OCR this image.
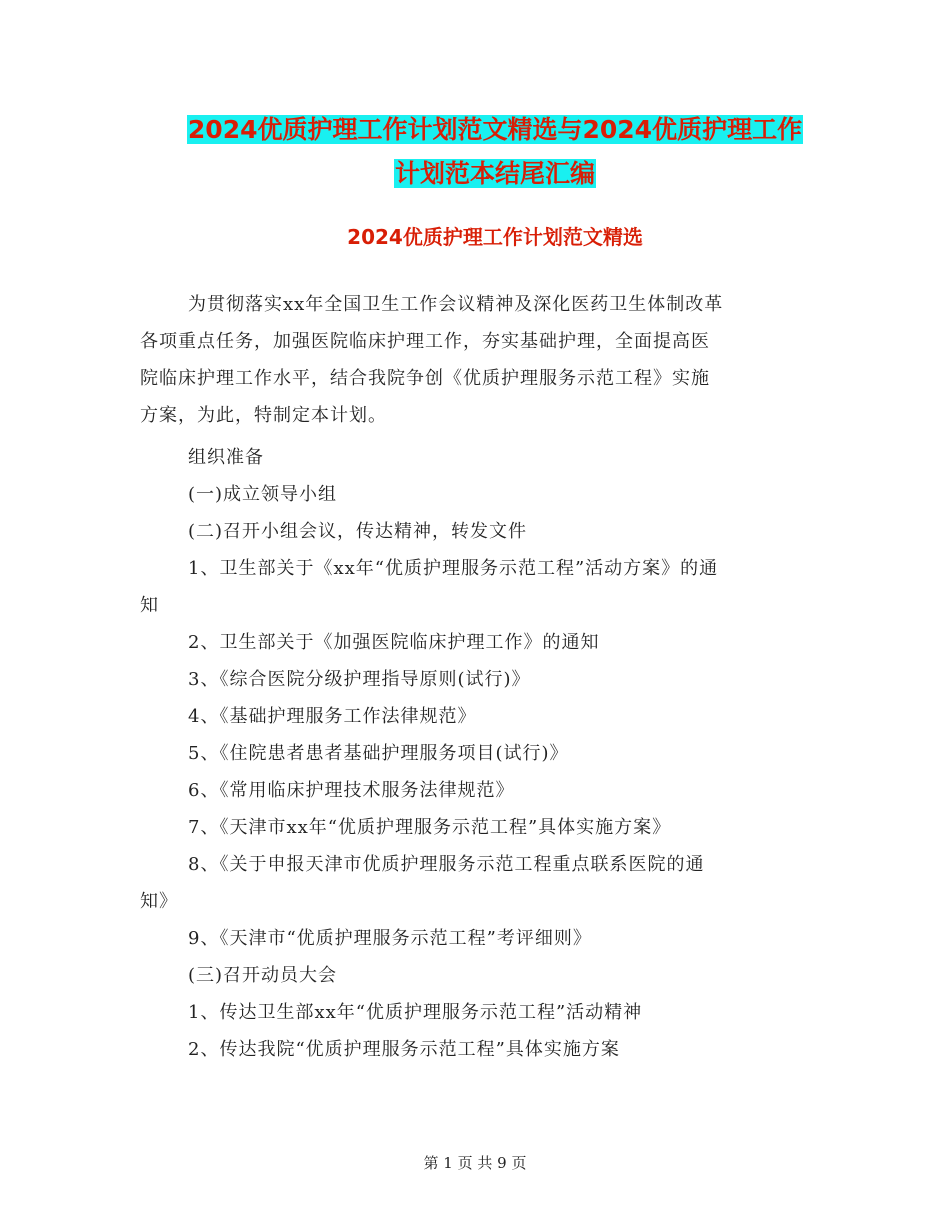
2024优质护理工作计划范文精选与2024优质护理工作
计划范本结尾汇编
2024优质护理工作计划范文精选
为贯彻落实xx年全国卫生工作会议精神及深化医药卫生体制改革
各项重点任务，加强医院临床护理工作，夯实基础护理，全面提高医
院临床护理工作水平，结合我院争创《优质护理服务示范工程》实施
方案，为此，特制定本计划。
组织准备
(一)成立领导小组
(二)召开小组会议，传达精神，转发文件
1、卫生部关于《xx年“优质护理服务示范工程”活动方案》的通
知
2、卫生部关于《加强医院临床护理工作》的通知
3、《综合医院分级护理指导原则(试行)》
4、《基础护理服务工作法律规范》
5、《住院患者患者基础护理服务项目(试行)》
6、《常用临床护理技术服务法律规范》
7、《天津市xx年“优质护理服务示范工程”具体实施方案》
8、《关于申报天津市优质护理服务示范工程重点联系医院的通
知》
9、《天津市“优质护理服务示范工程”考评细则》
(三)召开动员大会
1、传达卫生部xx年“优质护理服务示范工程”活动精神
2、传达我院“优质护理服务示范工程”具体实施方案
第 1 页 共 9 页
